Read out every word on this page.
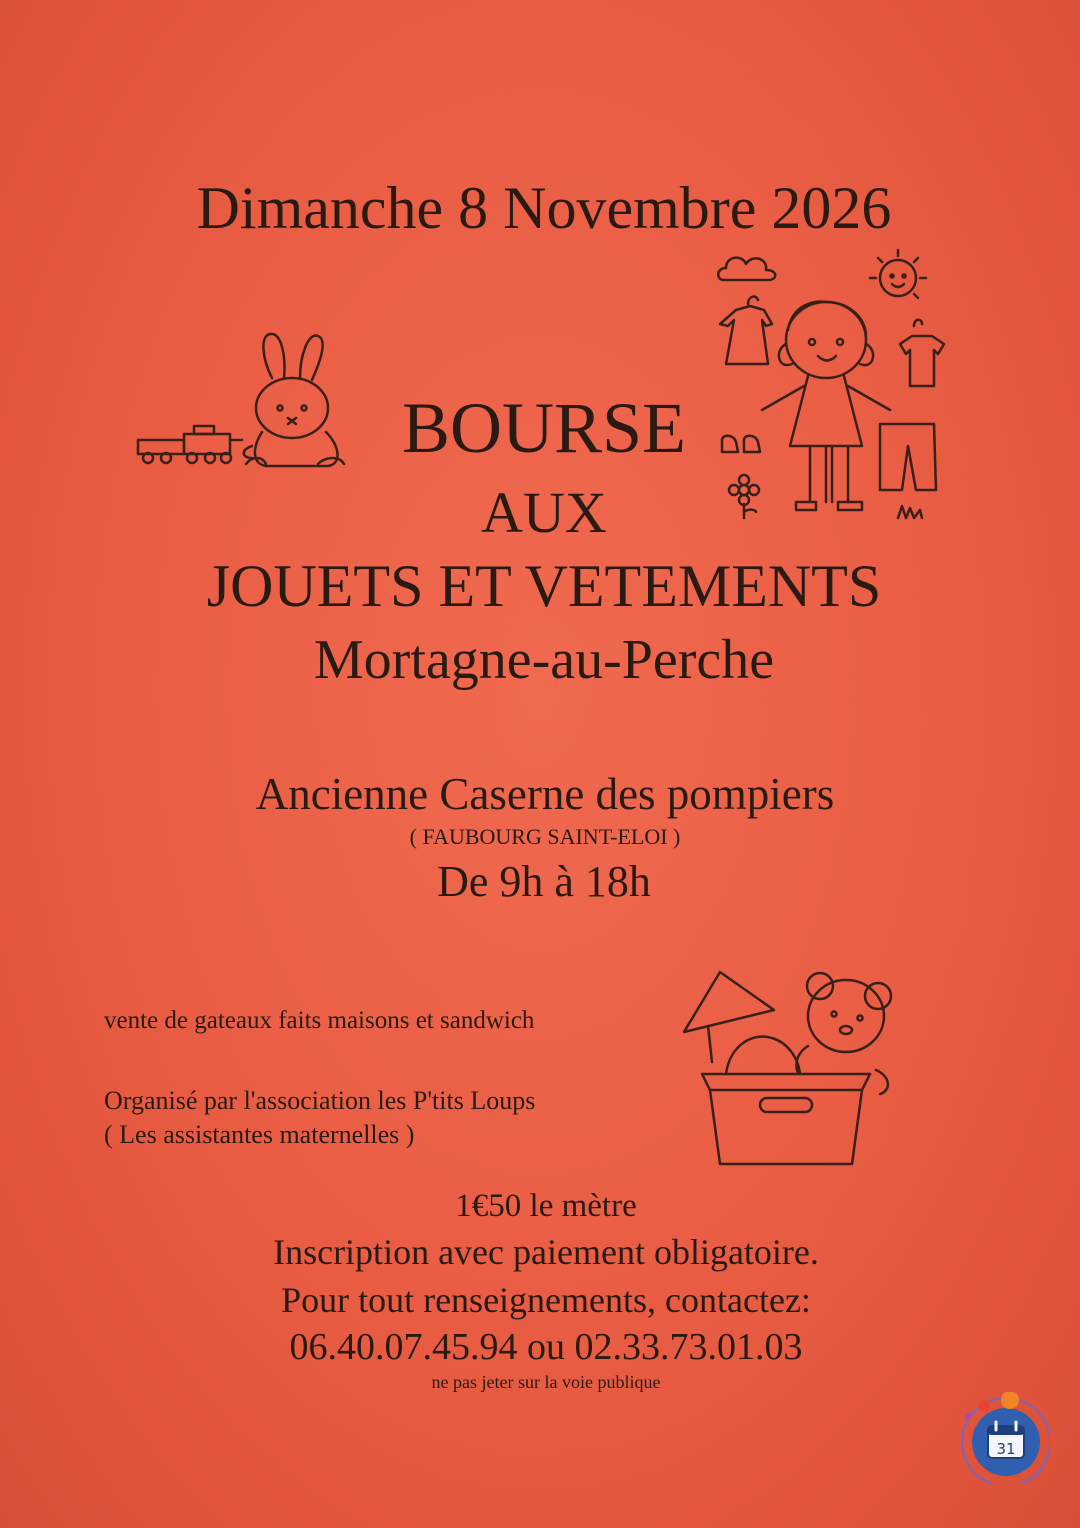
Dimanche 8 Novembre 2026

BOURSE

AUX

JOUETS ET VETEMENTS

Mortagne-au-Perche

Ancienne Caserne des pompiers

( FAUBOURG SAINT-ELOI )

De 9h à 18h

vente de gateaux faits maisons et sandwich

Organisé par l'association les P'tits Loups

( Les assistantes maternelles )

1€50 le mètre

Inscription avec paiement obligatoire.

Pour tout renseignements, contactez:

06.40.07.45.94 ou 02.33.73.01.03

ne pas jeter sur la voie publique

31
